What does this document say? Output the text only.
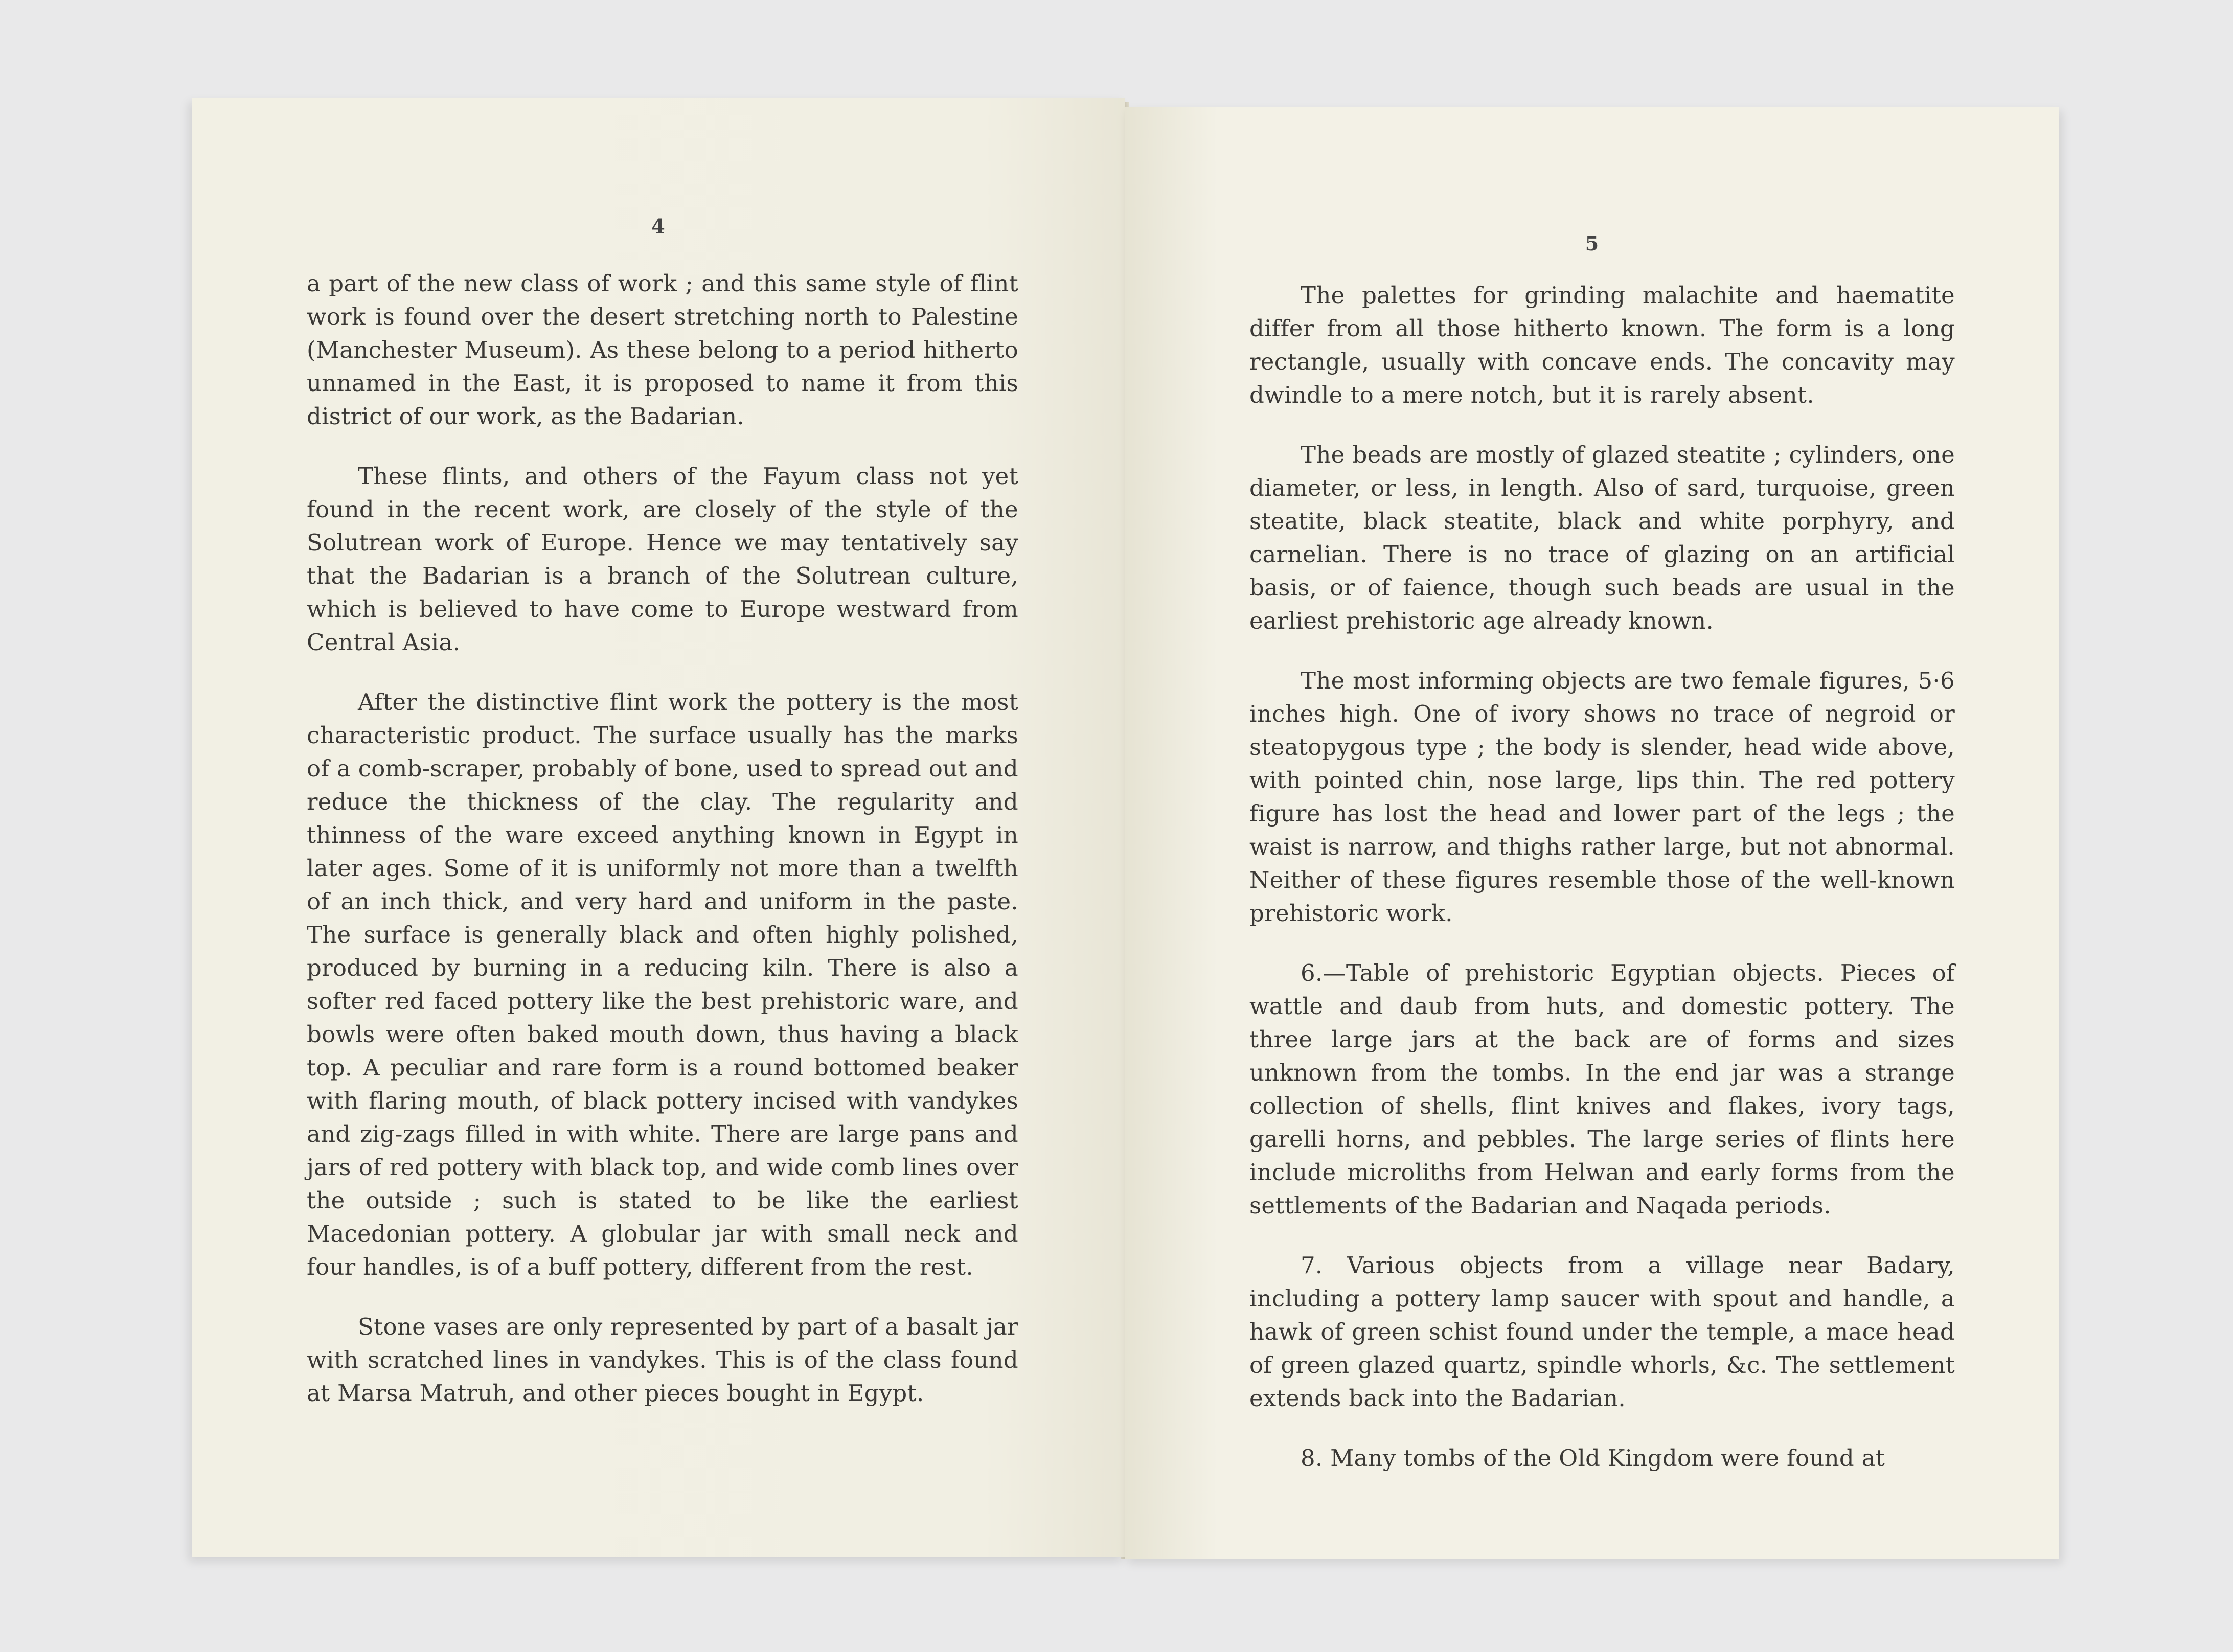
4

a part of the new class of work ; and this same style of flint work is found over the desert stretching north to Palestine (Manchester Museum). As these belong to a period hitherto unnamed in the East, it is proposed to name it from this district of our work, as the Badarian.

These flints, and others of the Fayum class not yet found in the recent work, are closely of the style of the Solutrean work of Europe. Hence we may tentatively say that the Badarian is a branch of the Solutrean culture, which is believed to have come to Europe westward from Central Asia.

After the distinctive flint work the pottery is the most characteristic product. The surface usually has the marks of a comb-scraper, probably of bone, used to spread out and reduce the thickness of the clay. The regularity and thinness of the ware exceed anything known in Egypt in later ages. Some of it is uniformly not more than a twelfth of an inch thick, and very hard and uniform in the paste. The surface is generally black and often highly polished, produced by burning in a reducing kiln. There is also a softer red faced pottery like the best prehistoric ware, and bowls were often baked mouth down, thus having a black top. A peculiar and rare form is a round bottomed beaker with flaring mouth, of black pottery incised with vandykes and zig-zags filled in with white. There are large pans and jars of red pottery with black top, and wide comb lines over the outside ; such is stated to be like the earliest Macedonian pottery. A globular jar with small neck and four handles, is of a buff pottery, different from the rest.

Stone vases are only represented by part of a basalt jar with scratched lines in vandykes. This is of the class found at Marsa Matruh, and other pieces bought in Egypt.

5

The palettes for grinding malachite and haematite differ from all those hitherto known. The form is a long rectangle, usually with concave ends. The concavity may dwindle to a mere notch, but it is rarely absent.

The beads are mostly of glazed steatite ; cylinders, one diameter, or less, in length. Also of sard, turquoise, green steatite, black steatite, black and white porphyry, and carnelian. There is no trace of glazing on an artificial basis, or of faience, though such beads are usual in the earliest prehistoric age already known.

The most informing objects are two female figures, 5·6 inches high. One of ivory shows no trace of negroid or steatopygous type ; the body is slender, head wide above, with pointed chin, nose large, lips thin. The red pottery figure has lost the head and lower part of the legs ; the waist is narrow, and thighs rather large, but not abnormal. Neither of these figures resemble those of the well-known prehistoric work.

6.—Table of prehistoric Egyptian objects. Pieces of wattle and daub from huts, and domestic pottery. The three large jars at the back are of forms and sizes unknown from the tombs. In the end jar was a strange collection of shells, flint knives and flakes, ivory tags, garelli horns, and pebbles. The large series of flints here include microliths from Helwan and early forms from the settlements of the Badarian and Naqada periods.

7. Various objects from a village near Badary, including a pottery lamp saucer with spout and handle, a hawk of green schist found under the temple, a mace head of green glazed quartz, spindle whorls, &c. The settlement extends back into the Badarian.

8. Many tombs of the Old Kingdom were found at
